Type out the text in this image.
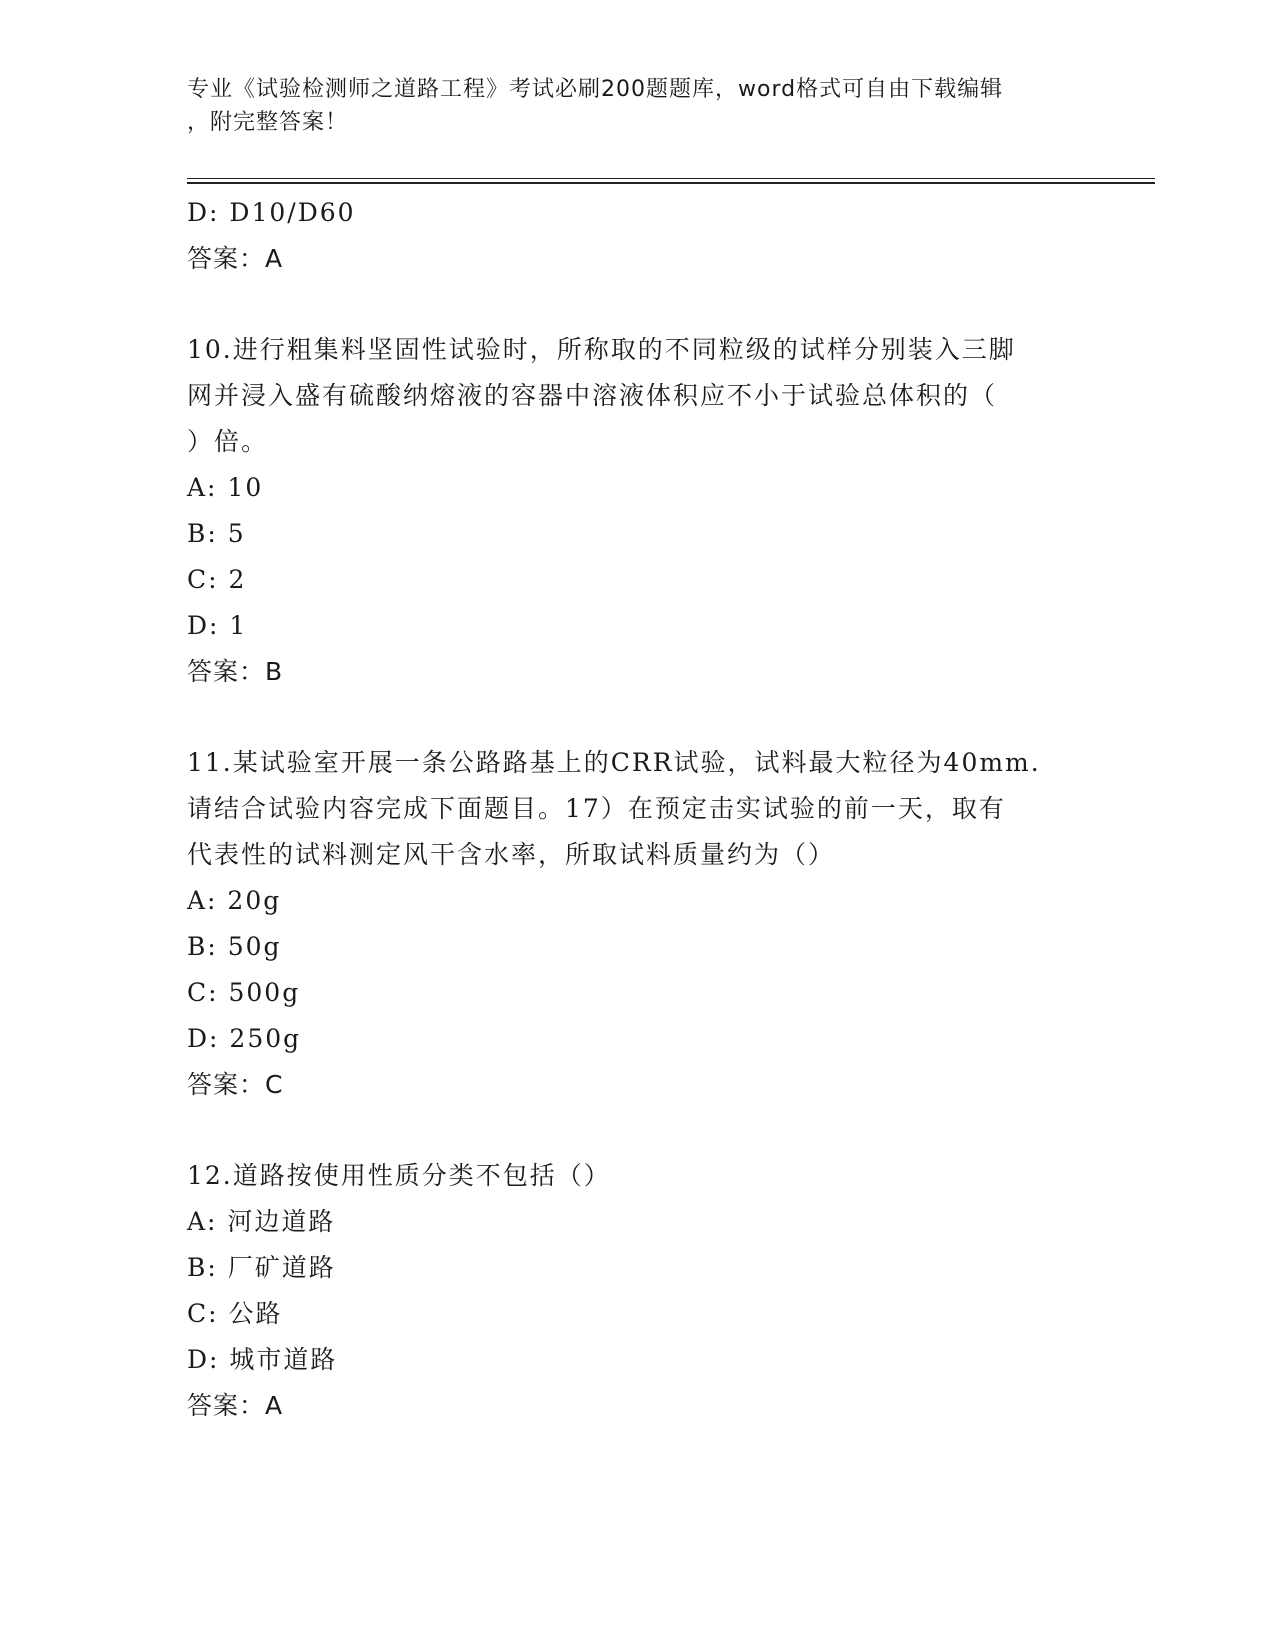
专业《试验检测师之道路工程》考试必刷200题题库，word格式可自由下载编辑
，附完整答案！
D: D10/D60
答案：A
10.进行粗集料坚固性试验时，所称取的不同粒级的试样分别装入三脚
网并浸入盛有硫酸纳熔液的容器中溶液体积应不小于试验总体积的（
）倍。
A: 10
B: 5
C: 2
D: 1
答案：B
11.某试验室开展一条公路路基上的CRR试验，试料最大粒径为40mm.
请结合试验内容完成下面题目。17）在预定击实试验的前一天，取有
代表性的试料测定风干含水率，所取试料质量约为（）
A: 20g
B: 50g
C: 500g
D: 250g
答案：C
12.道路按使用性质分类不包括（）
A: 河边道路
B: 厂矿道路
C: 公路
D: 城市道路
答案：A
